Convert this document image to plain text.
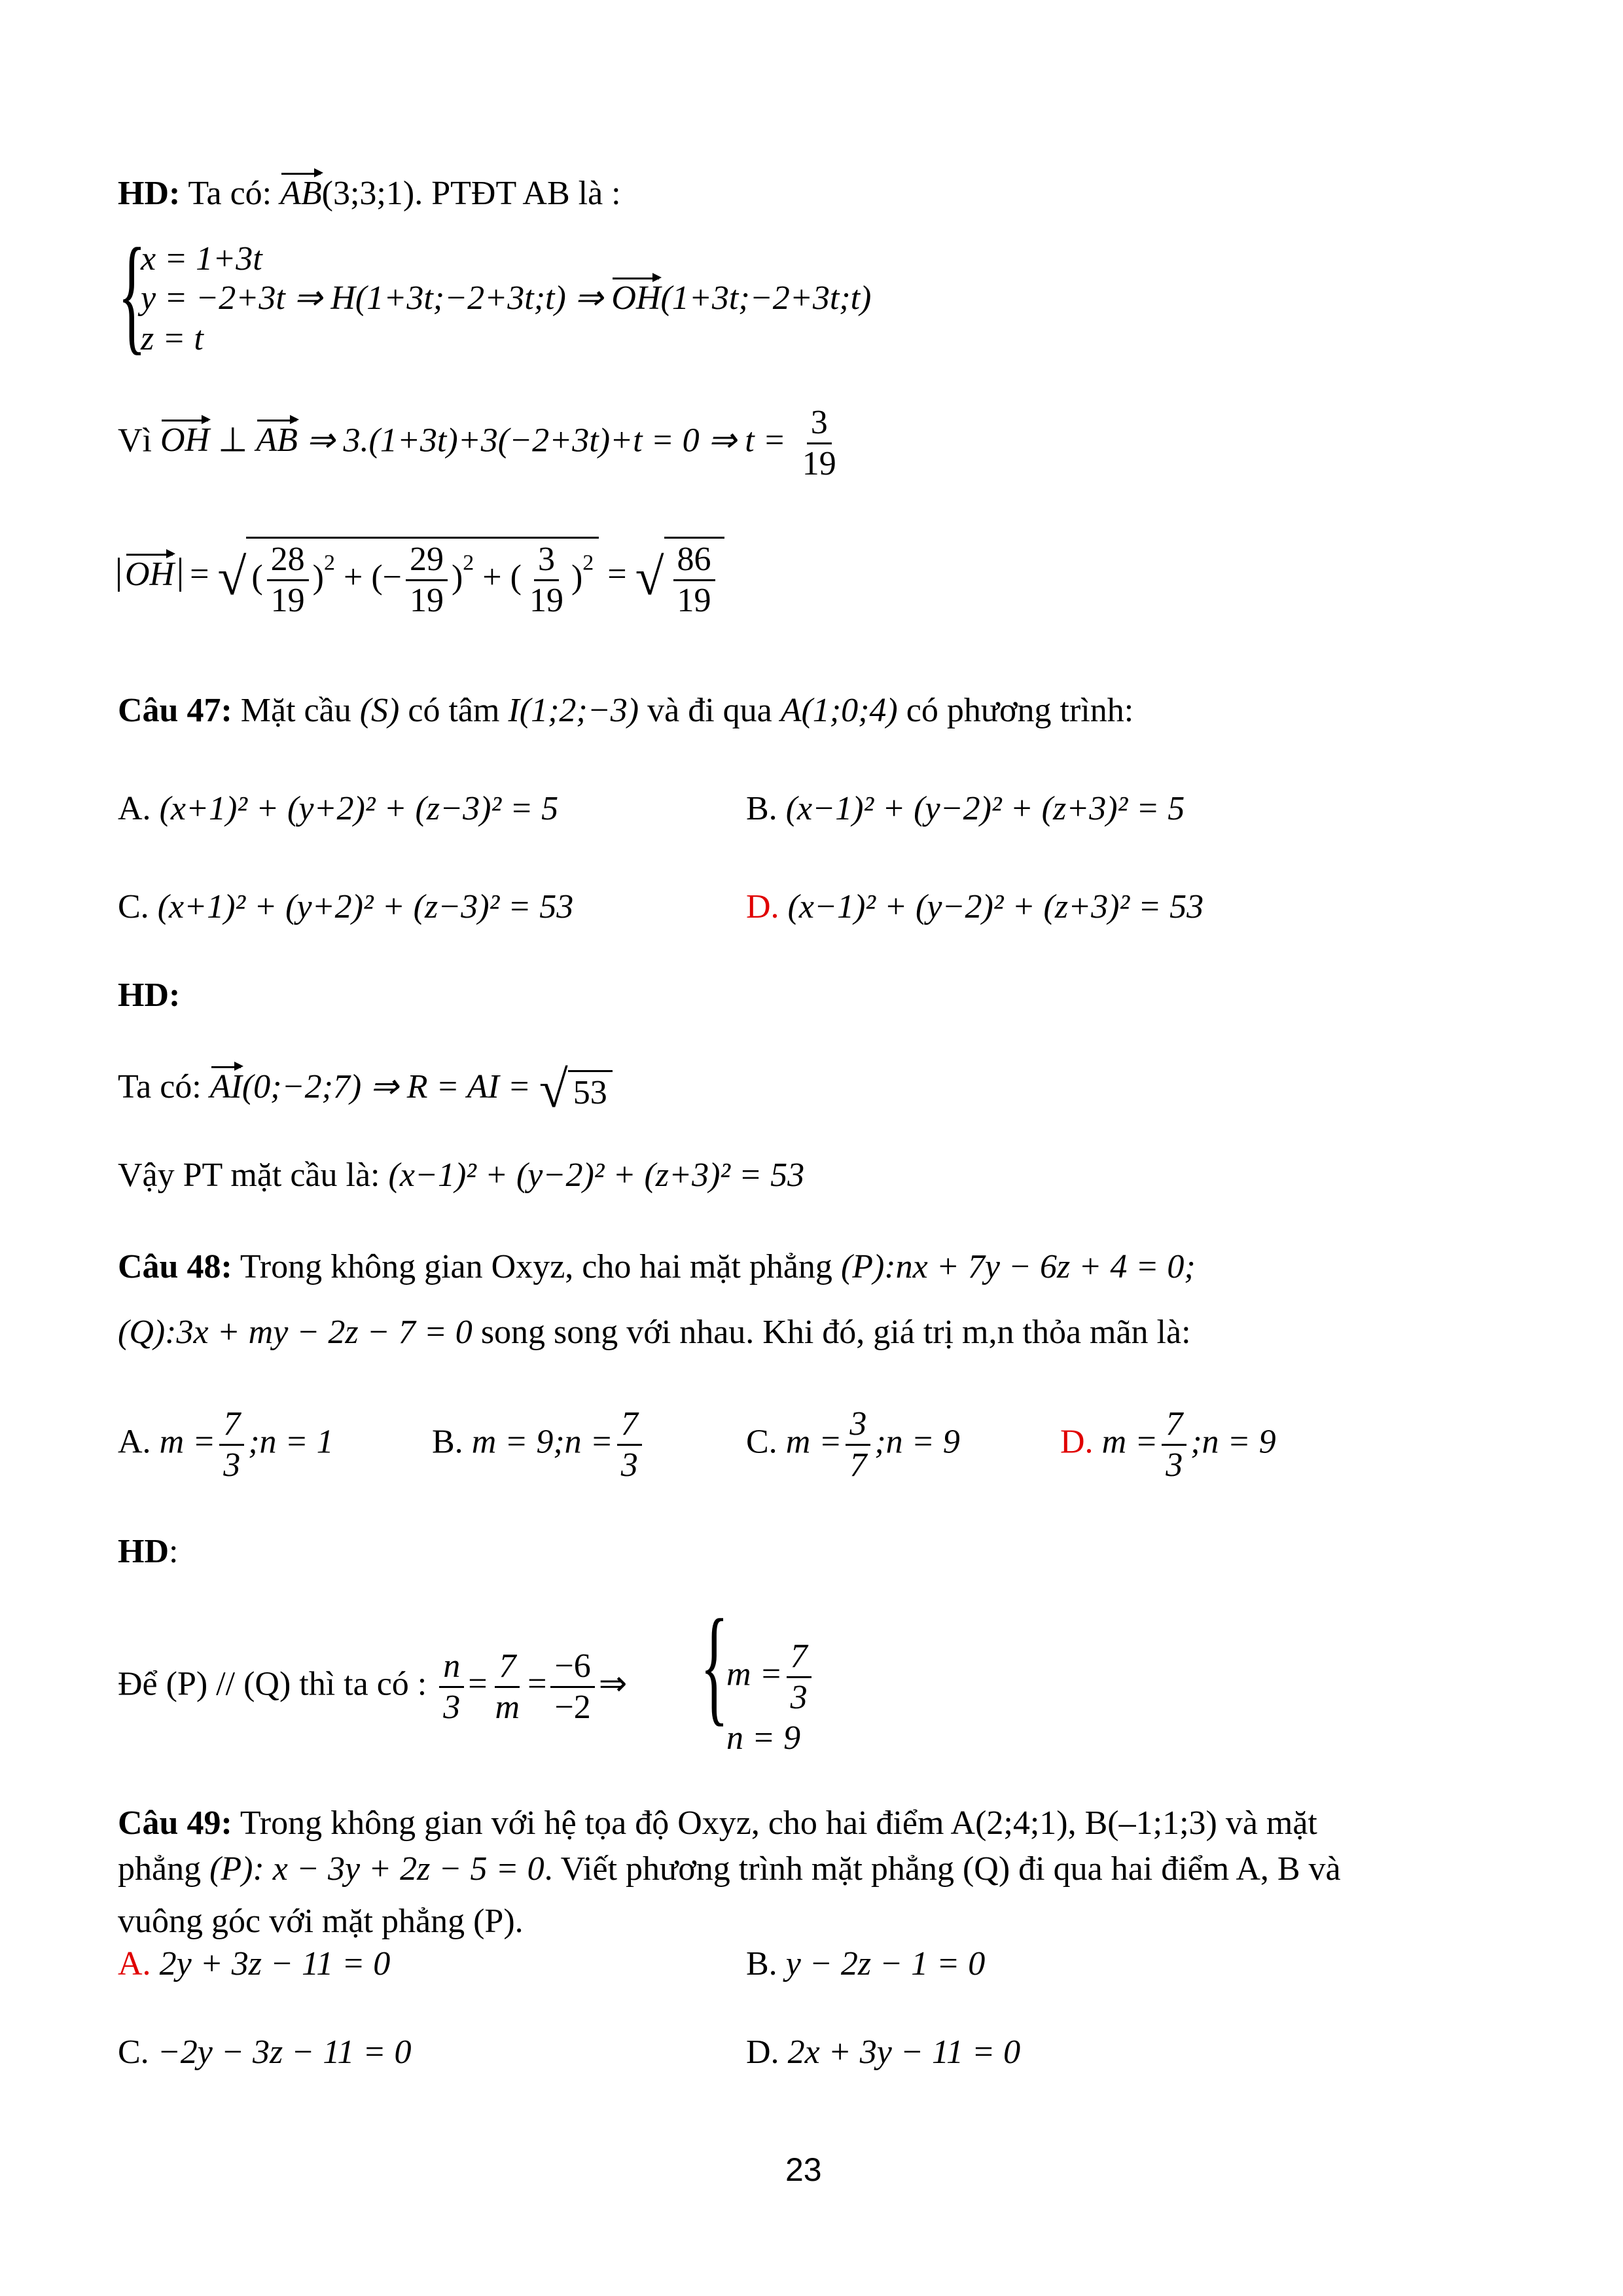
HD: Ta có: AB(3;3;1). PTĐT AB là :
{
x = 1+3t
y = −2+3t ⇒ H(1+3t;−2+3t;t) ⇒ OH(1+3t;−2+3t;t)
z = t
Vì OH ⊥ AB ⇒ 3.(1+3t)+3(−2+3t)+t = 0 ⇒ $t = \frac{3}{19}$
OH = √( $\frac{28}{19} )^2$ + (− $\frac{29}{19} )^2$ + ( $\frac{3}{19} )^2$ = √ $\frac{86}{19}$
Câu 47: Mặt cầu (S) có tâm I(1;2;−3) và đi qua A(1;0;4) có phương trình:
A. (x+1)² + (y+2)² + (z−3)² = 5	B. (x−1)² + (y−2)² + (z+3)² = 5
C. (x+1)² + (y+2)² + (z−3)² = 53	D. (x−1)² + (y−2)² + (z+3)² = 53
HD:
Ta có: AI(0;−2;7) ⇒ R = AI = √ 53
Vậy PT mặt cầu là: (x−1)² + (y−2)² + (z+3)² = 53
Câu 48: Trong không gian Oxyz, cho hai mặt phẳng (P):nx + 7y − 6z + 4 = 0;
(Q):3x + my − 2z − 7 = 0 song song với nhau. Khi đó, giá trị m,n thỏa mãn là:
A. $m = \frac{7}{3}$ ;n = 1	B. m = 9;n = $\frac{7}{3}$	C. $m = \frac{3}{7}$ ;n = 9	D. $m = \frac{7}{3}$ ;n = 9
HD:
Để (P) // (Q) thì ta có : $\frac{n}{3} = \frac{7}{m} = \frac{-6}{-2}$ ⇒ {
$m = \frac{7}{3}$
n = 9
Câu 49: Trong không gian với hệ tọa độ Oxyz, cho hai điểm A(2;4;1), B(–1;1;3) và mặt
phẳng (P): x − 3y + 2z − 5 = 0. Viết phương trình mặt phẳng (Q) đi qua hai điểm A, B và
vuông góc với mặt phẳng (P).
A. 2y + 3z − 11 = 0	B. y − 2z − 1 = 0
C. −2y − 3z − 11 = 0	D. 2x + 3y − 11 = 0
23
